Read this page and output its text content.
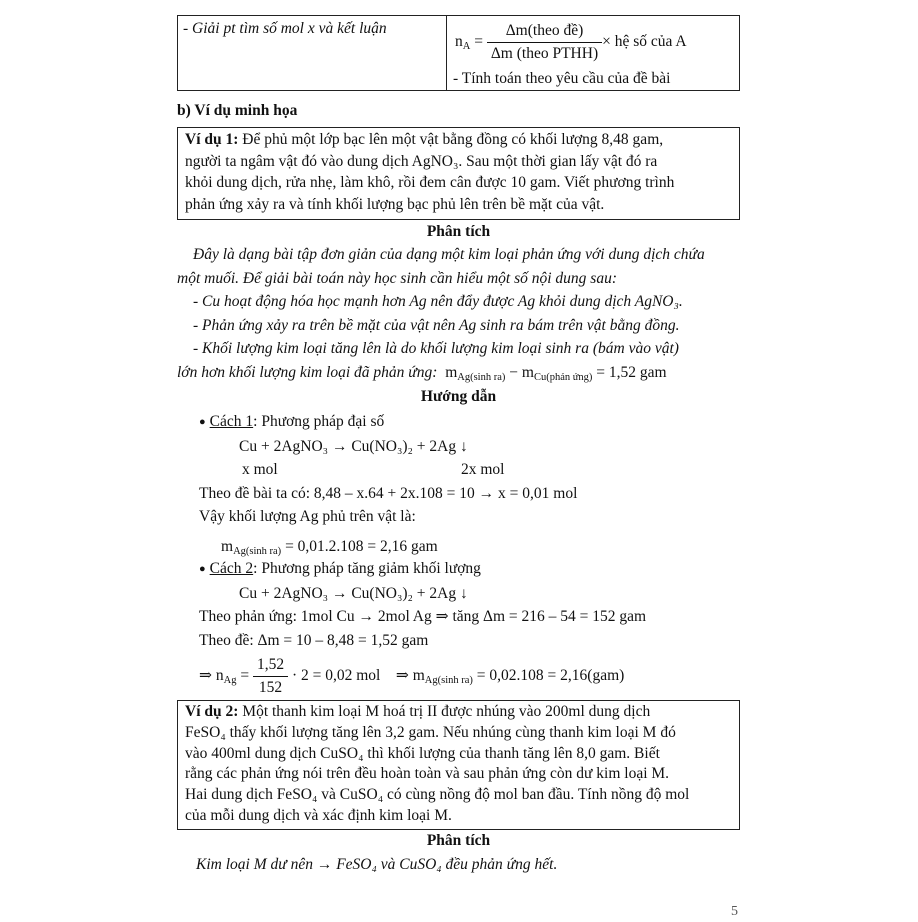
- Giải pt tìm số mol x và kết luận
$n_A = \frac{\text{Δm(theo đề)}}{\text{Δm (theo PTHH)}}$ × hệ số của A
- Tính toán theo yêu cầu của đề bài
b) Ví dụ minh họa
Ví dụ 1: Để phủ một lớp bạc lên một vật bằng đồng có khối lượng 8,48 gam,
người ta ngâm vật đó vào dung dịch AgNO₃. Sau một thời gian lấy vật đó ra
khỏi dung dịch, rửa nhẹ, làm khô, rồi đem cân được 10 gam. Viết phương trình
phản ứng xảy ra và tính khối lượng bạc phủ lên trên bề mặt của vật.
Phân tích
Đây là dạng bài tập đơn giản của dạng một kim loại phản ứng với dung dịch chứa
một muối. Để giải bài toán này học sinh cần hiểu một số nội dung sau:
- Cu hoạt động hóa học mạnh hơn Ag nên đẩy được Ag khỏi dung dịch AgNO₃.
- Phản ứng xảy ra trên bề mặt của vật nên Ag sinh ra bám trên vật bằng đồng.
- Khối lượng kim loại tăng lên là do khối lượng kim loại sinh ra (bám vào vật)
lớn hơn khối lượng kim loại đã phản ứng: $m_{Ag(sinh ra)} - m_{Cu(phản ứng)} = 1,52$ gam
Hướng dẫn
● Cách 1: Phương pháp đại số
Cu + 2AgNO₃ → Cu(NO₃)₂ + 2Ag ↓
x mol	2x mol
Theo đề bài ta có: 8,48 – x.64 + 2x.108 = 10 → x = 0,01 mol
Vậy khối lượng Ag phủ trên vật là:
$m_{Ag(sinh ra)} = 0,01.2.108 = 2,16$ gam
● Cách 2: Phương pháp tăng giảm khối lượng
Cu + 2AgNO₃ → Cu(NO₃)₂ + 2Ag ↓
Theo phản ứng: 1mol Cu → 2mol Ag ⇒ tăng Δm = 216 – 54 = 152 gam
Theo đề: Δm = 10 – 8,48 = 1,52 gam
⇒ $n_{Ag} = \frac{1,52}{152} \cdot 2 = 0,02$ mol ⇒ $m_{Ag(sinh ra)} = 0,02.108 = 2,16(gam)$
Ví dụ 2: Một thanh kim loại M hoá trị II được nhúng vào 200ml dung dịch
FeSO₄ thấy khối lượng tăng lên 3,2 gam. Nếu nhúng cùng thanh kim loại M đó
vào 400ml dung dịch CuSO₄ thì khối lượng của thanh tăng lên 8,0 gam. Biết
rằng các phản ứng nói trên đều hoàn toàn và sau phản ứng còn dư kim loại M.
Hai dung dịch FeSO₄ và CuSO₄ có cùng nồng độ mol ban đầu. Tính nồng độ mol
của mỗi dung dịch và xác định kim loại M.
Phân tích
Kim loại M dư nên → FeSO₄ và CuSO₄ đều phản ứng hết.
5
